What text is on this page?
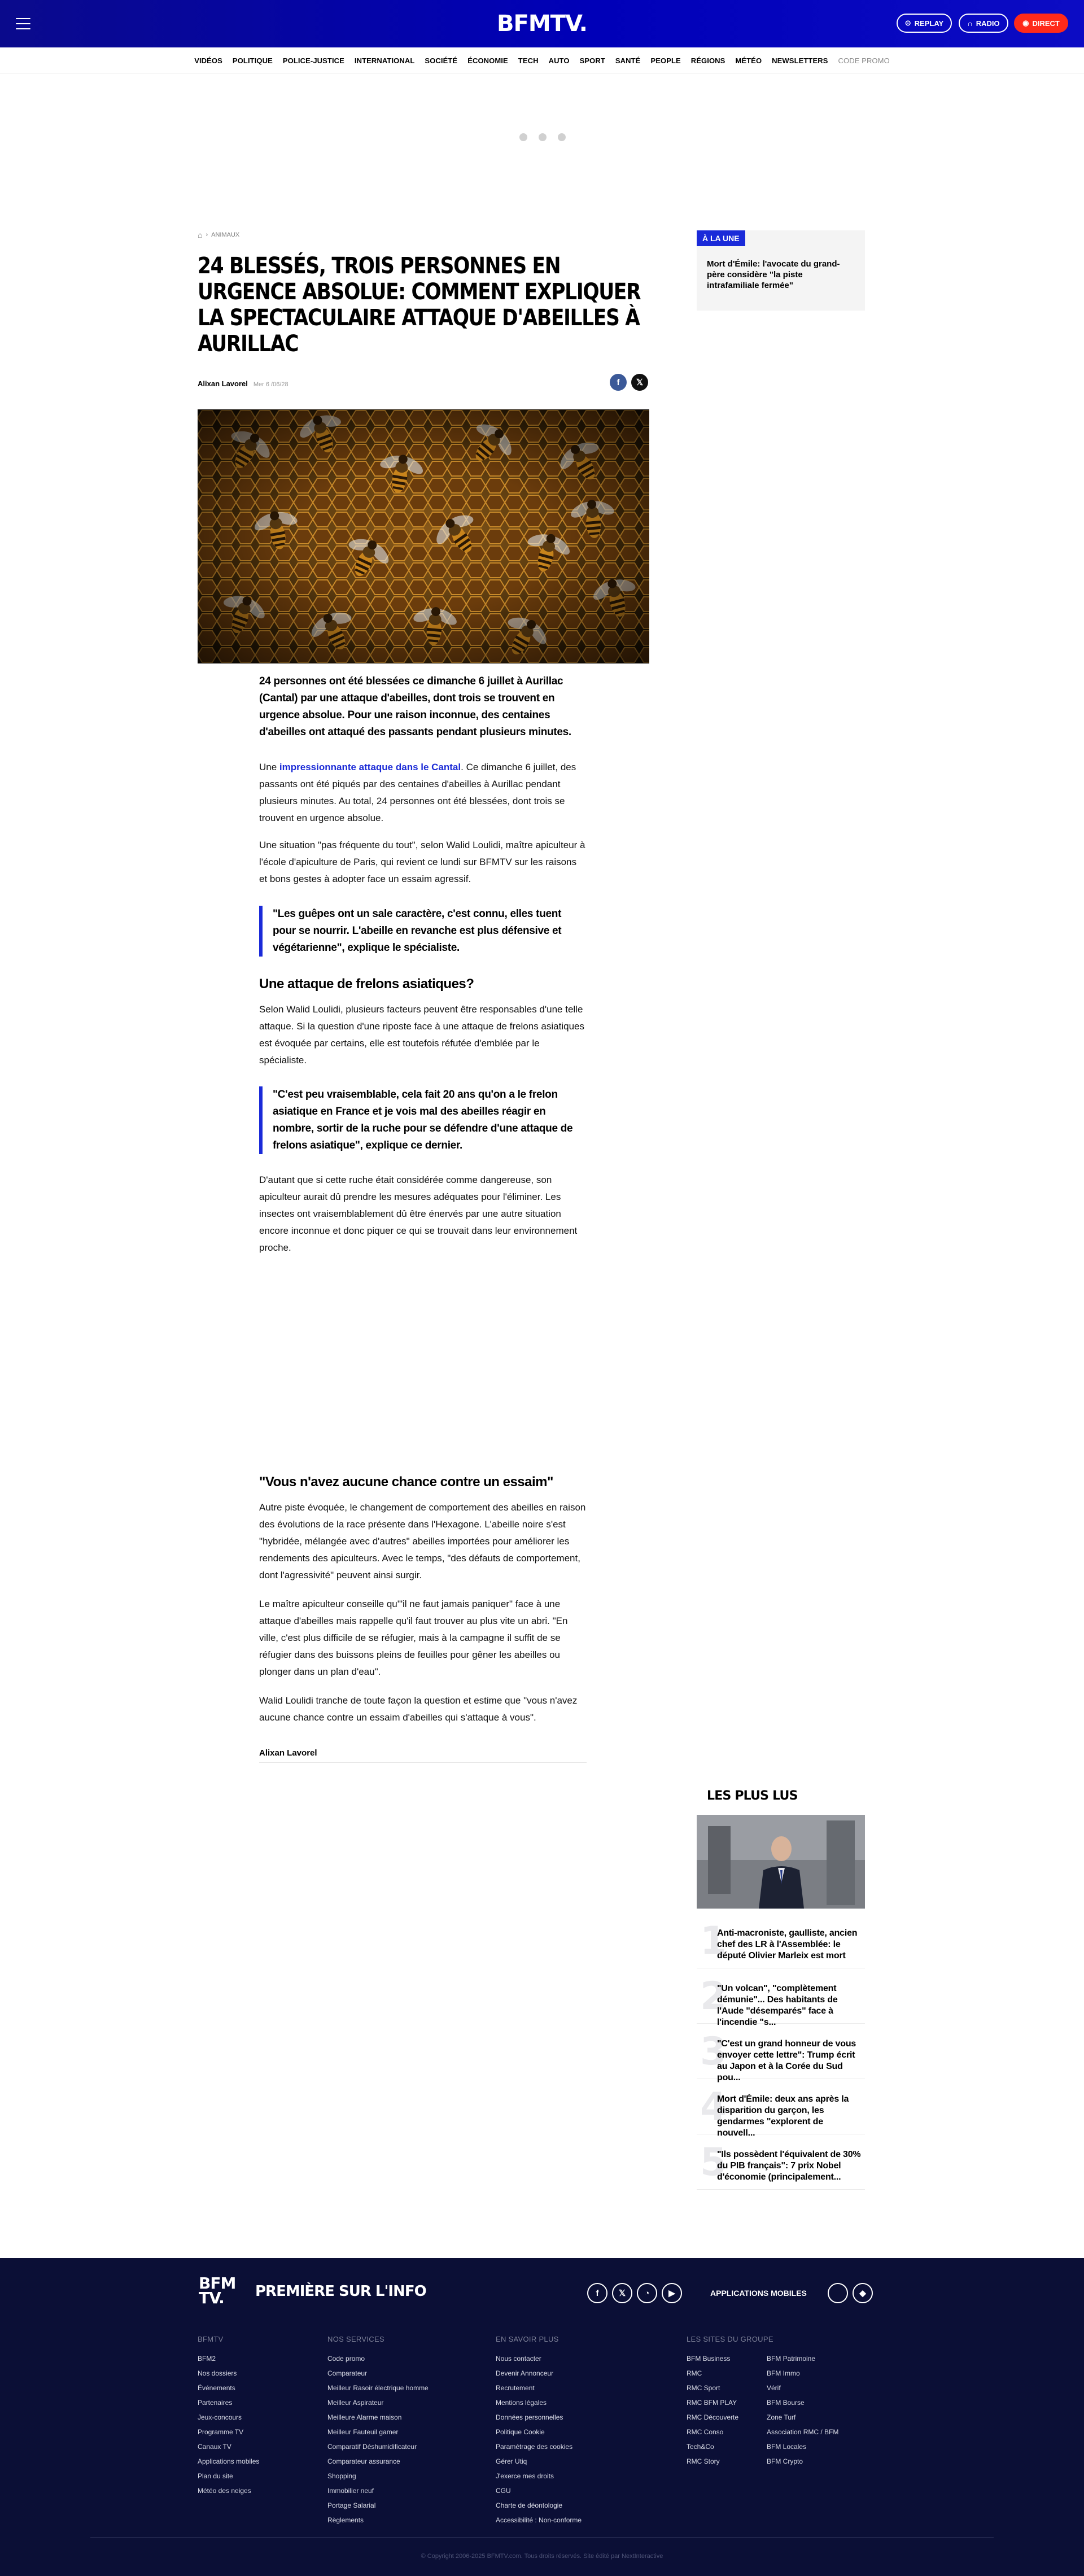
BFMTV.	⊙ REPLAY	∩ RADIO	◉ DIRECT
VIDÉOS	POLITIQUE	POLICE-JUSTICE	INTERNATIONAL	SOCIÉTÉ	ÉCONOMIE	TECH	AUTO	SPORT	SANTÉ	PEOPLE	RÉGIONS	MÉTÉO	NEWSLETTERS	CODE PROMO
⌂ › ANIMAUX
24 BLESSÉS, TROIS PERSONNES EN URGENCE ABSOLUE: COMMENT EXPLIQUER LA SPECTACULAIRE ATTAQUE D'ABEILLES À AURILLAC
Alixan Lavorel Mer 6 /06/28	f 𝕏

24 personnes ont été blessées ce dimanche 6 juillet à Aurillac (Cantal) par une attaque d'abeilles, dont trois se trouvent en urgence absolue. Pour une raison inconnue, des centaines d'abeilles ont attaqué des passants pendant plusieurs minutes.

Une impressionnante attaque dans le Cantal. Ce dimanche 6 juillet, des passants ont été piqués par des centaines d'abeilles à Aurillac pendant plusieurs minutes. Au total, 24 personnes ont été blessées, dont trois se trouvent en urgence absolue.

Une situation "pas fréquente du tout", selon Walid Loulidi, maître apiculteur à l'école d'apiculture de Paris, qui revient ce lundi sur BFMTV sur les raisons et bons gestes à adopter face un essaim agressif.

"Les guêpes ont un sale caractère, c'est connu, elles tuent pour se nourrir. L'abeille en revanche est plus défensive et végétarienne", explique le spécialiste.

Une attaque de frelons asiatiques?

Selon Walid Loulidi, plusieurs facteurs peuvent être responsables d'une telle attaque. Si la question d'une riposte face à une attaque de frelons asiatiques est évoquée par certains, elle est toutefois réfutée d'emblée par le spécialiste.

"C'est peu vraisemblable, cela fait 20 ans qu'on a le frelon asiatique en France et je vois mal des abeilles réagir en nombre, sortir de la ruche pour se défendre d'une attaque de frelons asiatique", explique ce dernier.

D'autant que si cette ruche était considérée comme dangereuse, son apiculteur aurait dû prendre les mesures adéquates pour l'éliminer. Les insectes ont vraisemblablement dû être énervés par une autre situation encore inconnue et donc piquer ce qui se trouvait dans leur environnement proche.

"Vous n'avez aucune chance contre un essaim"

Autre piste évoquée, le changement de comportement des abeilles en raison des évolutions de la race présente dans l'Hexagone. L'abeille noire s'est "hybridée, mélangée avec d'autres" abeilles importées pour améliorer les rendements des apiculteurs. Avec le temps, "des défauts de comportement, dont l'agressivité" peuvent ainsi surgir.

Le maître apiculteur conseille qu'"il ne faut jamais paniquer" face à une attaque d'abeilles mais rappelle qu'il faut trouver au plus vite un abri. "En ville, c'est plus difficile de se réfugier, mais à la campagne il suffit de se réfugier dans des buissons pleins de feuilles pour gêner les abeilles ou plonger dans un plan d'eau".

Walid Loulidi tranche de toute façon la question et estime que "vous n'avez aucune chance contre un essaim d'abeilles qui s'attaque à vous".

Alixan Lavorel
À LA UNE
Mort d'Émile: l'avocate du grand-père considère "la piste intrafamiliale fermée"
LES PLUS LUS
1
Anti-macroniste, gaulliste, ancien chef des LR à l'Assemblée: le député Olivier Marleix est mort
2
"Un volcan", "complètement démunie"... Des habitants de l'Aude "désemparés" face à l'incendie "s...
3
"C'est un grand honneur de vous envoyer cette lettre": Trump écrit au Japon et à la Corée du Sud pou...
4
Mort d'Émile: deux ans après la disparition du garçon, les gendarmes "explorent de nouvell...
5
"Ils possèdent l'équivalent de 30% du PIB français": 7 prix Nobel d'économie (principalement...
BFM
TV.	PREMIÈRE SUR L'INFO	f 𝕏 ◔ ▶	APPLICATIONS MOBILES	◆
BFMTV
BFM2
Nos dossiers
Événements
Partenaires
Jeux-concours
Programme TV
Canaux TV
Applications mobiles
Plan du site
Météo des neiges
NOS SERVICES
Code promo
Comparateur
Meilleur Rasoir électrique homme
Meilleur Aspirateur
Meilleure Alarme maison
Meilleur Fauteuil gamer
Comparatif Déshumidificateur
Comparateur assurance
Shopping
Immobilier neuf
Portage Salarial
Règlements
EN SAVOIR PLUS
Nous contacter
Devenir Annonceur
Recrutement
Mentions légales
Données personnelles
Politique Cookie
Paramétrage des cookies
Gérer Utiq
J'exerce mes droits
CGU
Charte de déontologie
Accessibilité : Non-conforme
LES SITES DU GROUPE
BFM Business
RMC
RMC Sport
RMC BFM PLAY
RMC Découverte
RMC Conso
Tech&Co
RMC Story
BFM Patrimoine
BFM Immo
Vérif
BFM Bourse
Zone Turf
Association RMC / BFM
BFM Locales
BFM Crypto
© Copyright 2006-2025 BFMTV.com. Tous droits réservés. Site édité par NextInteractive
